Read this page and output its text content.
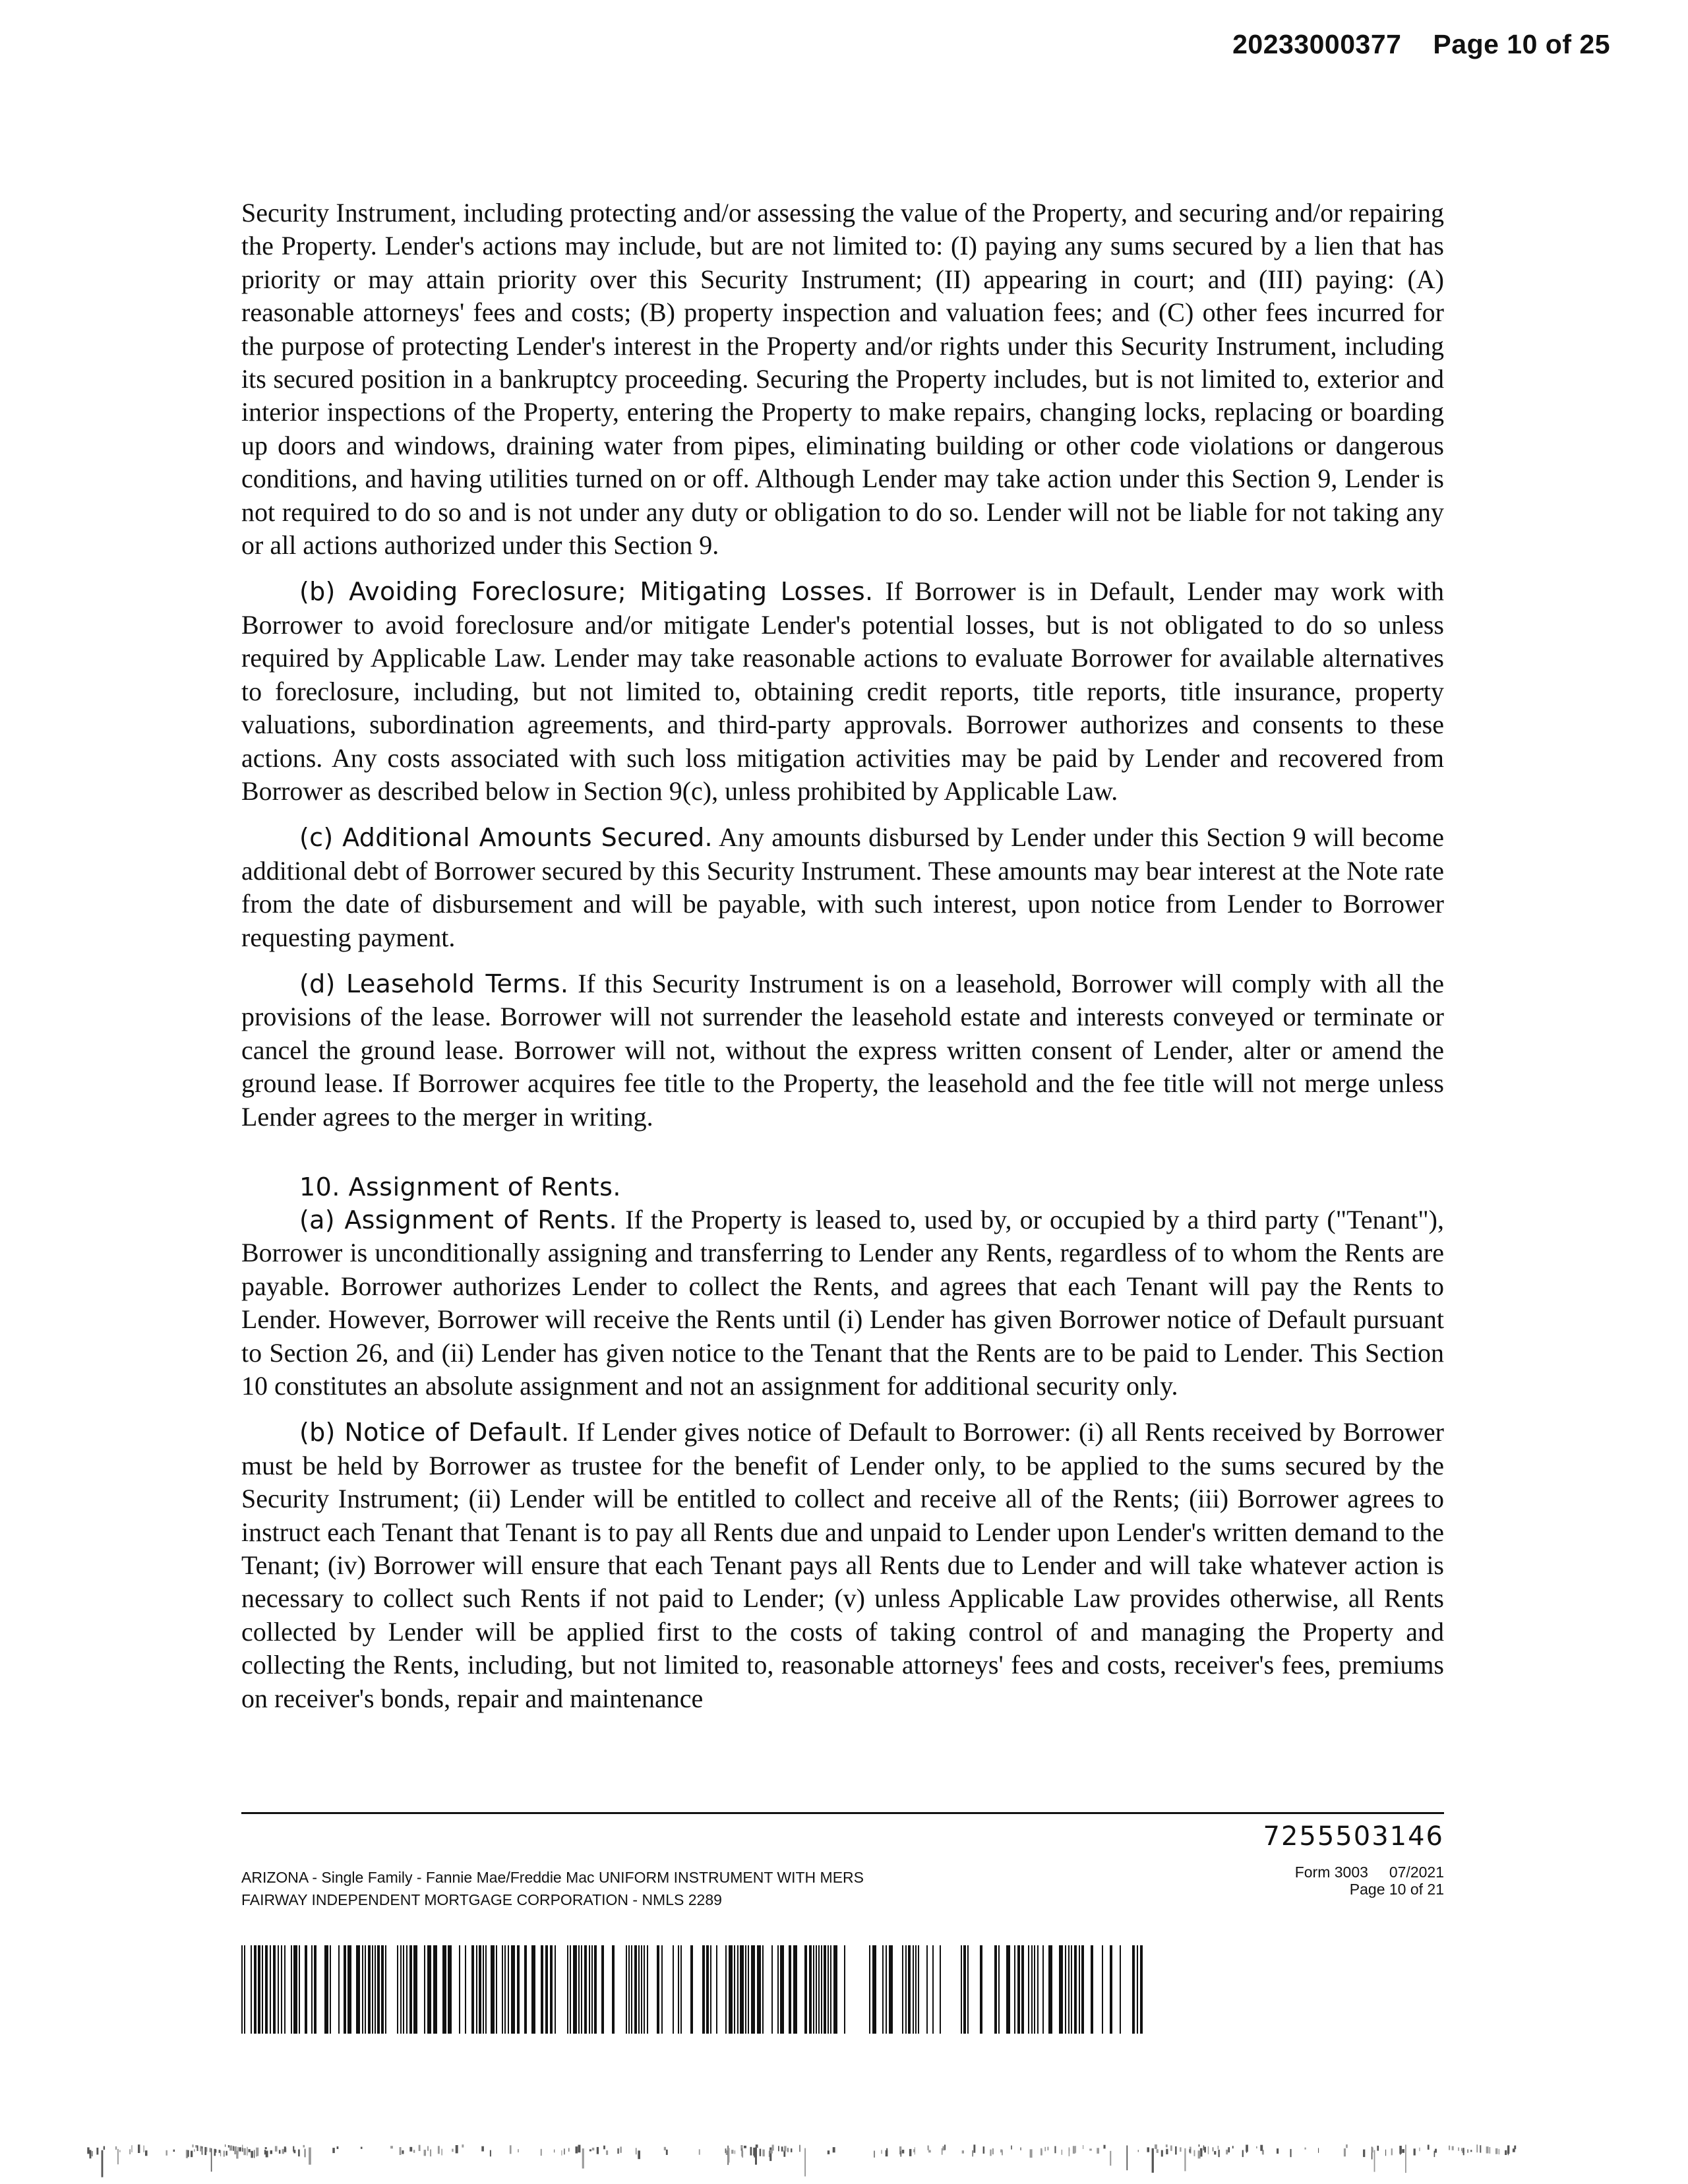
20233000377 Page 10 of 25

Security Instrument, including protecting and/or assessing the value of the Property, and securing and/or repairing the Property. Lender's actions may include, but are not limited to: (I) paying any sums secured by a lien that has priority or may attain priority over this Security Instrument; (II) appearing in court; and (III) paying: (A) reasonable attorneys' fees and costs; (B) property inspection and valuation fees; and (C) other fees incurred for the purpose of protecting Lender's interest in the Property and/or rights under this Security Instrument, including its secured position in a bankruptcy proceeding. Securing the Property includes, but is not limited to, exterior and interior inspections of the Property, entering the Property to make repairs, changing locks, replacing or boarding up doors and windows, draining water from pipes, eliminating building or other code violations or dangerous conditions, and having utilities turned on or off. Although Lender may take action under this Section 9, Lender is not required to do so and is not under any duty or obligation to do so. Lender will not be liable for not taking any or all actions authorized under this Section 9.

(b) Avoiding Foreclosure; Mitigating Losses. If Borrower is in Default, Lender may work with Borrower to avoid foreclosure and/or mitigate Lender's potential losses, but is not obligated to do so unless required by Applicable Law. Lender may take reasonable actions to evaluate Borrower for available alternatives to foreclosure, including, but not limited to, obtaining credit reports, title reports, title insurance, property valuations, subordination agreements, and third-party approvals. Borrower authorizes and consents to these actions. Any costs associated with such loss mitigation activities may be paid by Lender and recovered from Borrower as described below in Section 9(c), unless prohibited by Applicable Law.

(c) Additional Amounts Secured. Any amounts disbursed by Lender under this Section 9 will become additional debt of Borrower secured by this Security Instrument. These amounts may bear interest at the Note rate from the date of disbursement and will be payable, with such interest, upon notice from Lender to Borrower requesting payment.

(d) Leasehold Terms. If this Security Instrument is on a leasehold, Borrower will comply with all the provisions of the lease. Borrower will not surrender the leasehold estate and interests conveyed or terminate or cancel the ground lease. Borrower will not, without the express written consent of Lender, alter or amend the ground lease. If Borrower acquires fee title to the Property, the leasehold and the fee title will not merge unless Lender agrees to the merger in writing.

10. Assignment of Rents.

(a) Assignment of Rents. If the Property is leased to, used by, or occupied by a third party ("Tenant"), Borrower is unconditionally assigning and transferring to Lender any Rents, regardless of to whom the Rents are payable. Borrower authorizes Lender to collect the Rents, and agrees that each Tenant will pay the Rents to Lender. However, Borrower will receive the Rents until (i) Lender has given Borrower notice of Default pursuant to Section 26, and (ii) Lender has given notice to the Tenant that the Rents are to be paid to Lender. This Section 10 constitutes an absolute assignment and not an assignment for additional security only.

(b) Notice of Default. If Lender gives notice of Default to Borrower: (i) all Rents received by Borrower must be held by Borrower as trustee for the benefit of Lender only, to be applied to the sums secured by the Security Instrument; (ii) Lender will be entitled to collect and receive all of the Rents; (iii) Borrower agrees to instruct each Tenant that Tenant is to pay all Rents due and unpaid to Lender upon Lender's written demand to the Tenant; (iv) Borrower will ensure that each Tenant pays all Rents due to Lender and will take whatever action is necessary to collect such Rents if not paid to Lender; (v) unless Applicable Law provides otherwise, all Rents collected by Lender will be applied first to the costs of taking control of and managing the Property and collecting the Rents, including, but not limited to, reasonable attorneys' fees and costs, receiver's fees, premiums on receiver's bonds, repair and maintenance

7255503146
ARIZONA - Single Family - Fannie Mae/Freddie Mac UNIFORM INSTRUMENT WITH MERS
FAIRWAY INDEPENDENT MORTGAGE CORPORATION - NMLS 2289
Form 3003     07/2021
Page 10 of 21
